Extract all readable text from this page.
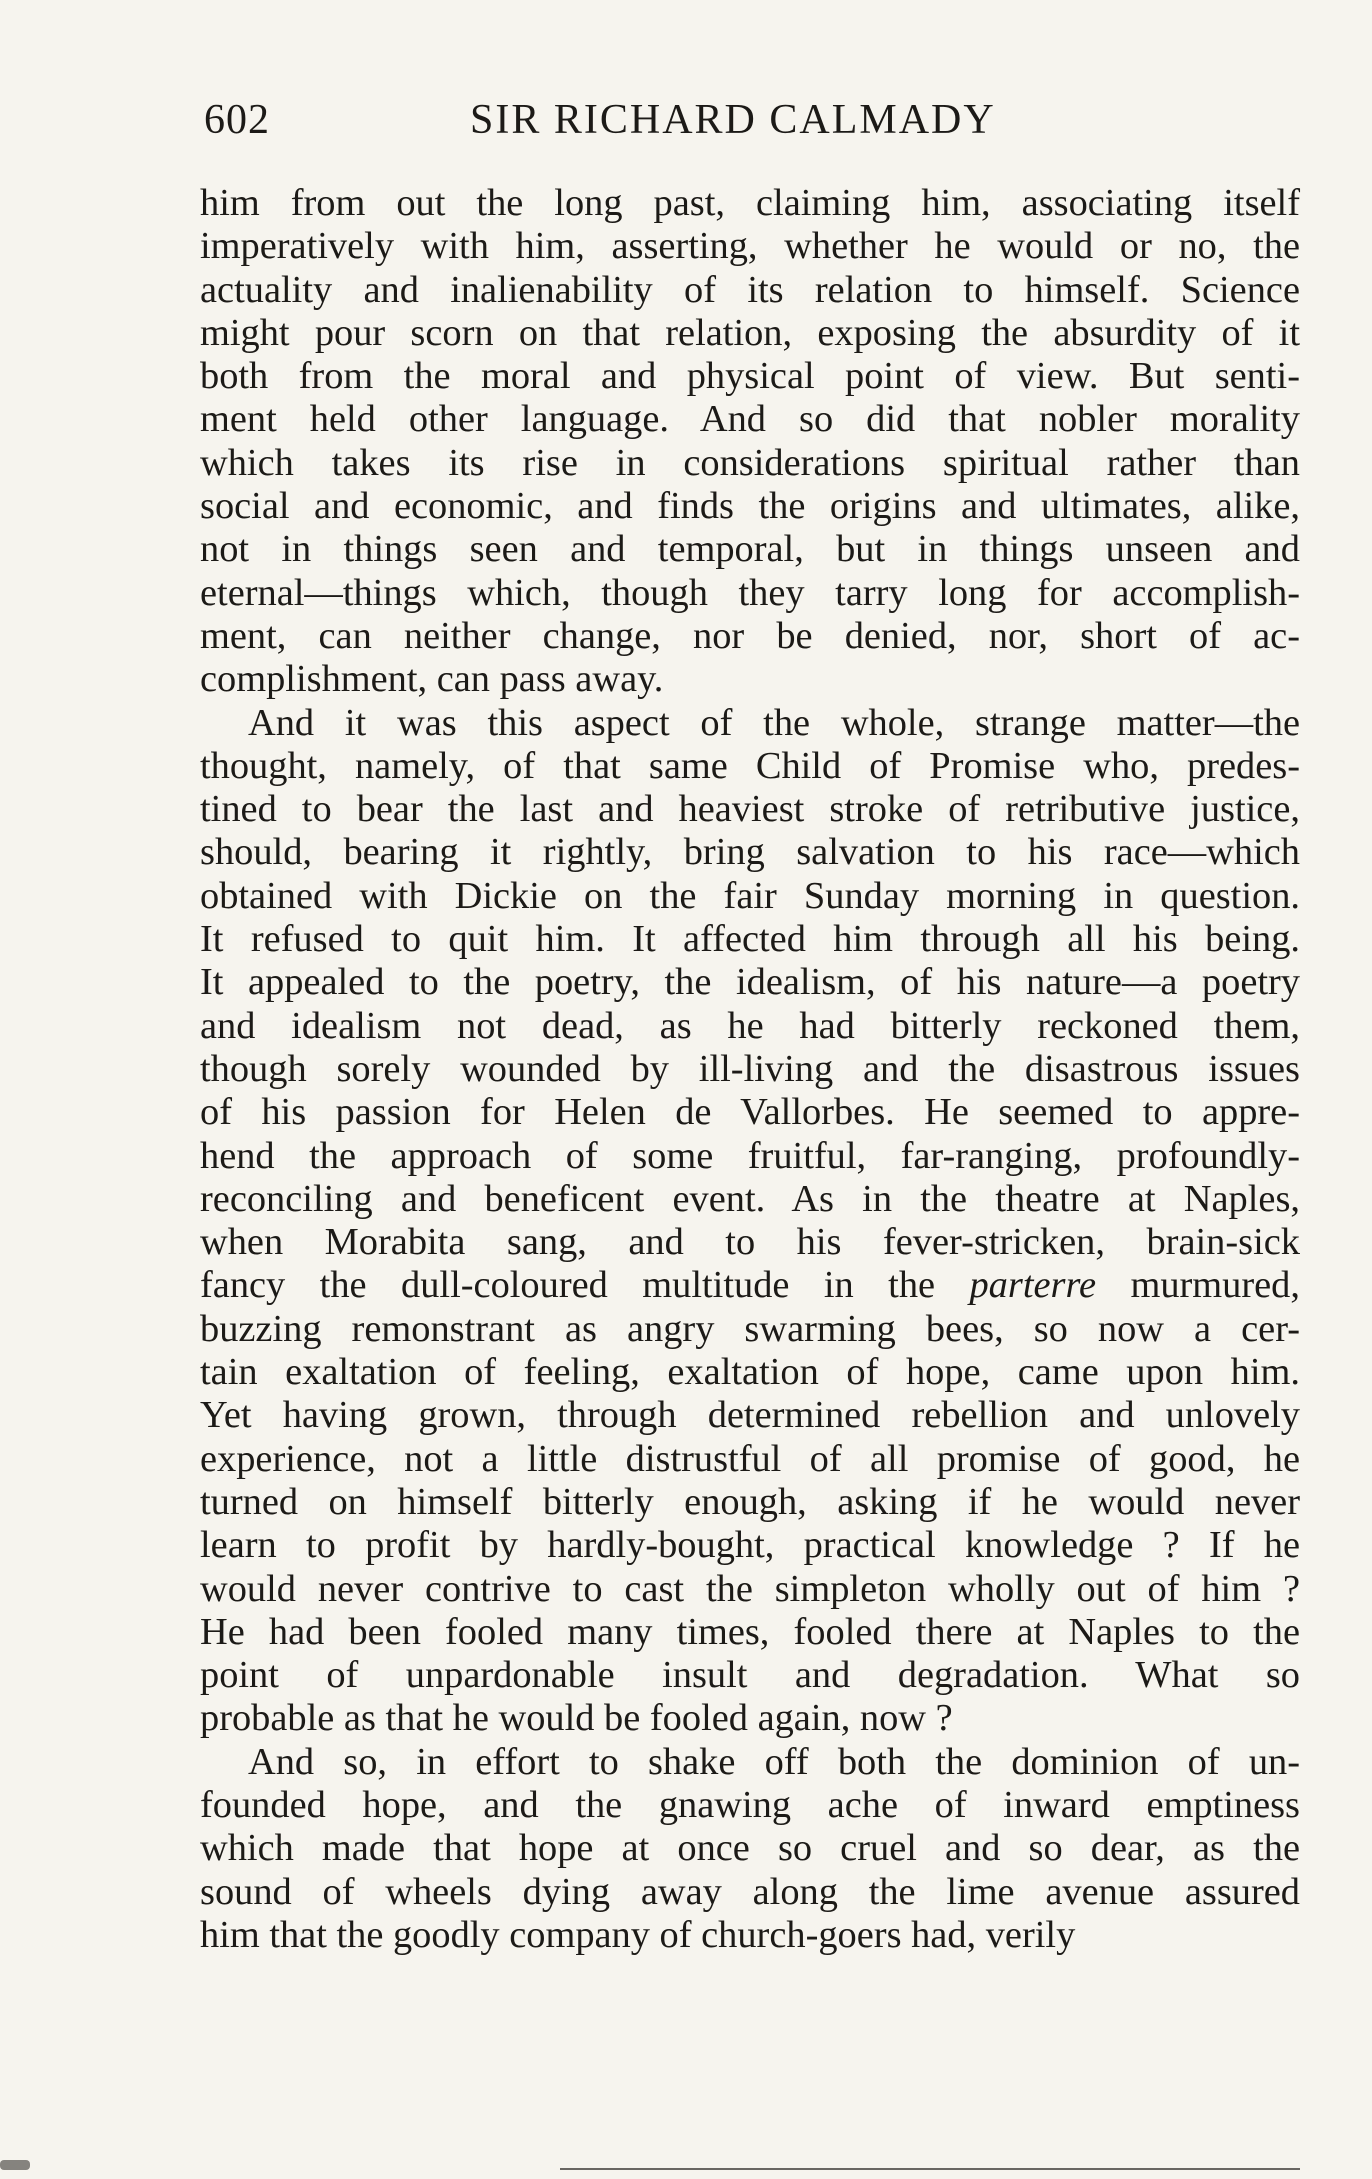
602	SIR RICHARD CALMADY

him from out the long past, claiming him, associating itself
imperatively with him, asserting, whether he would or no, the
actuality and inalienability of its relation to himself. Science
might pour scorn on that relation, exposing the absurdity of it
both from the moral and physical point of view. But senti-
ment held other language. And so did that nobler morality
which takes its rise in considerations spiritual rather than
social and economic, and finds the origins and ultimates, alike,
not in things seen and temporal, but in things unseen and
eternal—things which, though they tarry long for accomplish-
ment, can neither change, nor be denied, nor, short of ac-
complishment, can pass away.

And it was this aspect of the whole, strange matter—the
thought, namely, of that same Child of Promise who, predes-
tined to bear the last and heaviest stroke of retributive justice,
should, bearing it rightly, bring salvation to his race—which
obtained with Dickie on the fair Sunday morning in question.
It refused to quit him. It affected him through all his being.
It appealed to the poetry, the idealism, of his nature—a poetry
and idealism not dead, as he had bitterly reckoned them,
though sorely wounded by ill-living and the disastrous issues
of his passion for Helen de Vallorbes. He seemed to appre-
hend the approach of some fruitful, far-ranging, profoundly-
reconciling and beneficent event. As in the theatre at Naples,
when Morabita sang, and to his fever-stricken, brain-sick
fancy the dull-coloured multitude in the parterre murmured,
buzzing remonstrant as angry swarming bees, so now a cer-
tain exaltation of feeling, exaltation of hope, came upon him.
Yet having grown, through determined rebellion and unlovely
experience, not a little distrustful of all promise of good, he
turned on himself bitterly enough, asking if he would never
learn to profit by hardly-bought, practical knowledge ? If he
would never contrive to cast the simpleton wholly out of him ?
He had been fooled many times, fooled there at Naples to the
point of unpardonable insult and degradation. What so
probable as that he would be fooled again, now ?

And so, in effort to shake off both the dominion of un-
founded hope, and the gnawing ache of inward emptiness
which made that hope at once so cruel and so dear, as the
sound of wheels dying away along the lime avenue assured
him that the goodly company of church-goers had, verily
